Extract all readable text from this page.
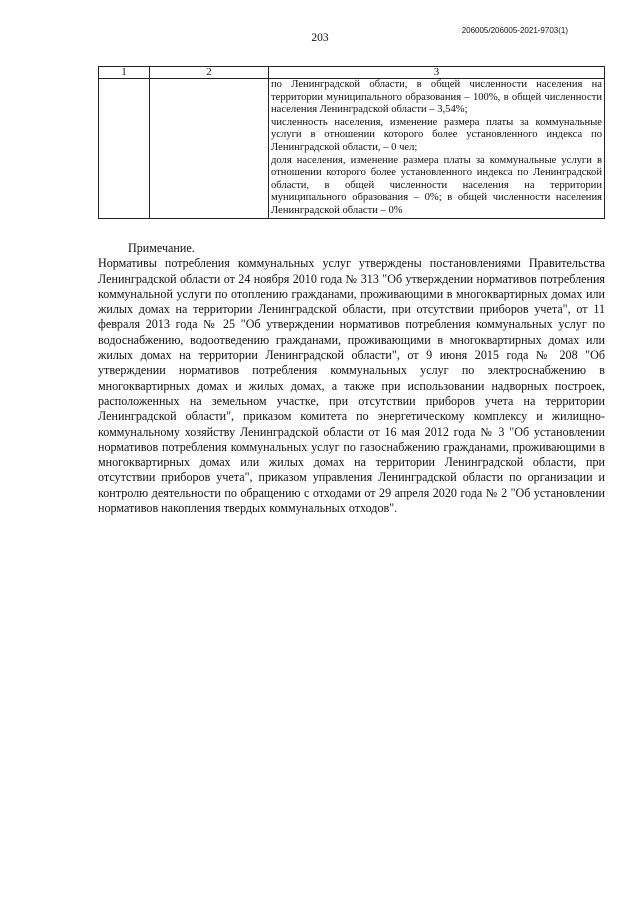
203
206005/206005-2021-9703(1)
1	2	3

		по Ленинградской области, в общей численности населения на территории муниципального образования – 100%, в общей численности населения Ленинградской области – 3,54%;
численность населения, изменение размера платы за коммунальные услуги в отношении которого более установленного индекса по Ленинградской области, – 0 чел;
доля населения, изменение размера платы за коммунальные услуги в отношении которого более установленного индекса по Ленинградской области, в общей численности населения на территории муниципального образования – 0%; в общей численности населения Ленинградской области – 0%
Примечание.
Нормативы потребления коммунальных услуг утверждены постановлениями Правительства Ленинградской области от 24 ноября 2010 года № 313 "Об утверждении нормативов потребления коммунальной услуги по отоплению гражданами, проживающими в многоквартирных домах или жилых домах на территории Ленинградской области, при отсутствии приборов учета", от 11 февраля 2013 года № 25 "Об утверждении нормативов потребления коммунальных услуг по водоснабжению, водоотведению гражданами, проживающими в многоквартирных домах или жилых домах на территории Ленинградской области", от 9 июня 2015 года № 208 "Об утверждении нормативов потребления коммунальных услуг по электроснабжению в многоквартирных домах и жилых домах, а также при использовании надворных построек, расположенных на земельном участке, при отсутствии приборов учета на территории Ленинградской области", приказом комитета по энергетическому комплексу и жилищно-коммунальному хозяйству Ленинградской области от 16 мая 2012 года № 3 "Об установлении нормативов потребления коммунальных услуг по газоснабжению гражданами, проживающими в многоквартирных домах или жилых домах на территории Ленинградской области, при отсутствии приборов учета", приказом управления Ленинградской области по организации и контролю деятельности по обращению с отходами от 29 апреля 2020 года № 2 "Об установлении нормативов накопления твердых коммунальных отходов".
